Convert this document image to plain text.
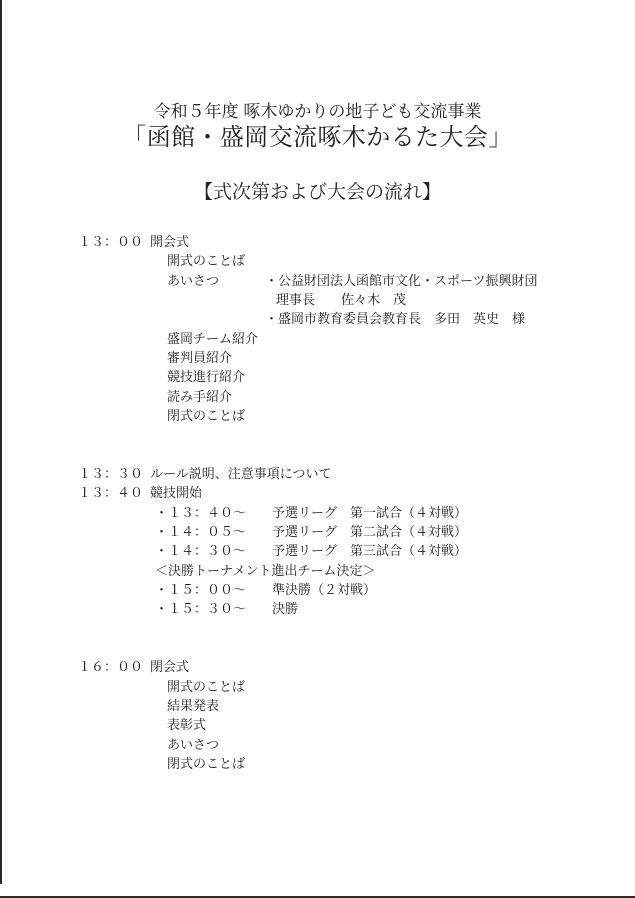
令和５年度 啄木ゆかりの地子ども交流事業
「函館・盛岡交流啄木かるた大会」
【式次第および大会の流れ】
１３：００ 開会式
開式のことば
あいさつ	・公益財団法人函館市文化・スポーツ振興財団
理事長　　佐々木　茂
・盛岡市教育委員会教育長　多田　英史　様
盛岡チーム紹介
審判員紹介
競技進行紹介
読み手紹介
閉式のことば
１３：３０ ルール説明、注意事項について
１３：４０ 競技開始
・１３：４０～　　予選リーグ　第一試合（４対戦）
・１４：０５～　　予選リーグ　第二試合（４対戦）
・１４：３０～　　予選リーグ　第三試合（４対戦）
＜決勝トーナメント進出チーム決定＞
・１５：００～　　準決勝（２対戦）
・１５：３０～　　決勝
１６：００ 閉会式
開式のことば
結果発表
表彰式
あいさつ
閉式のことば
